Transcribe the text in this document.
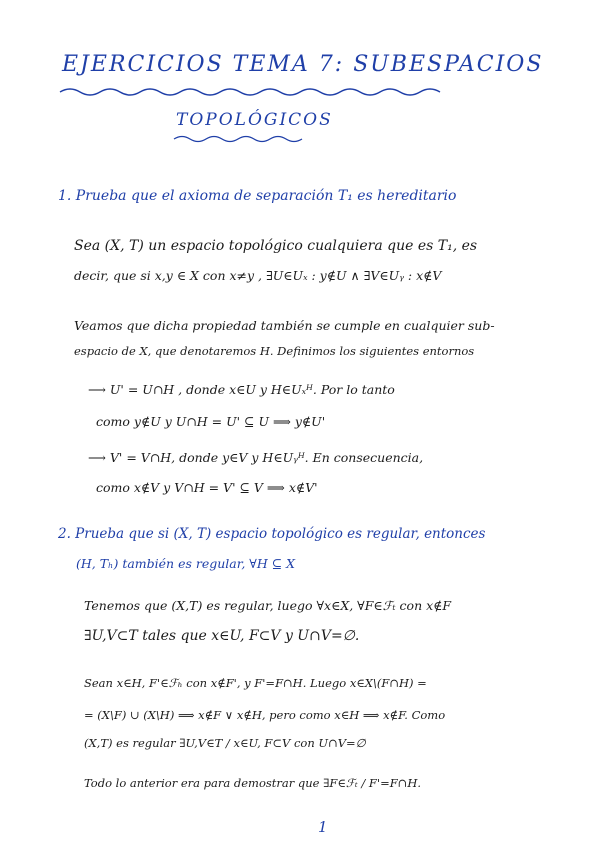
EJERCICIOS TEMA 7: SUBESPACIOS
TOPOLÓGICOS
1. Prueba que el axioma de separación T₁ es hereditario
Sea (Ⅹ, T) un espacio topológico cualquiera que es T₁, es
decir, que si x,y ∈ Ⅹ con x≠y , ∃U∈Uₓ : y∉U ∧ ∃V∈Uᵧ : x∉V
Veamos que dicha propiedad también se cumple en cualquier sub-
espacio de Ⅹ, que denotaremos H. Definimos los siguientes entornos
⟶ U' = U∩H , donde x∈U y H∈Uₓᴴ. Por lo tanto
como y∉U y U∩H = U' ⊆ U ⟹ y∉U'
⟶ V' = V∩H, donde y∈V y H∈Uᵧᴴ. En consecuencia,
como x∉V y V∩H = V' ⊆ V ⟹ x∉V'
2. Prueba que si (Ⅹ, T) espacio topológico es regular, entonces
(H, Tₕ) también es regular, ∀H ⊆ Ⅹ
Tenemos que (Ⅹ,T) es regular, luego ∀x∈Ⅹ, ∀F∈ℱₜ con x∉F
∃U,V⊂T tales que x∈U, F⊂V y U∩V=∅.
Sean x∈H, F'∈ℱₕ con x∉F', y F'=F∩H. Luego x∈Ⅹ\(F∩H) =
= (Ⅹ\F) ∪ (Ⅹ\H) ⟹ x∉F ∨ x∉H, pero como x∈H ⟹ x∉F. Como
(Ⅹ,T) es regular ∃U,V∈T / x∈U, F⊂V con U∩V=∅
Todo lo anterior era para demostrar que ∃F∈ℱₜ / F'=F∩H.
1
